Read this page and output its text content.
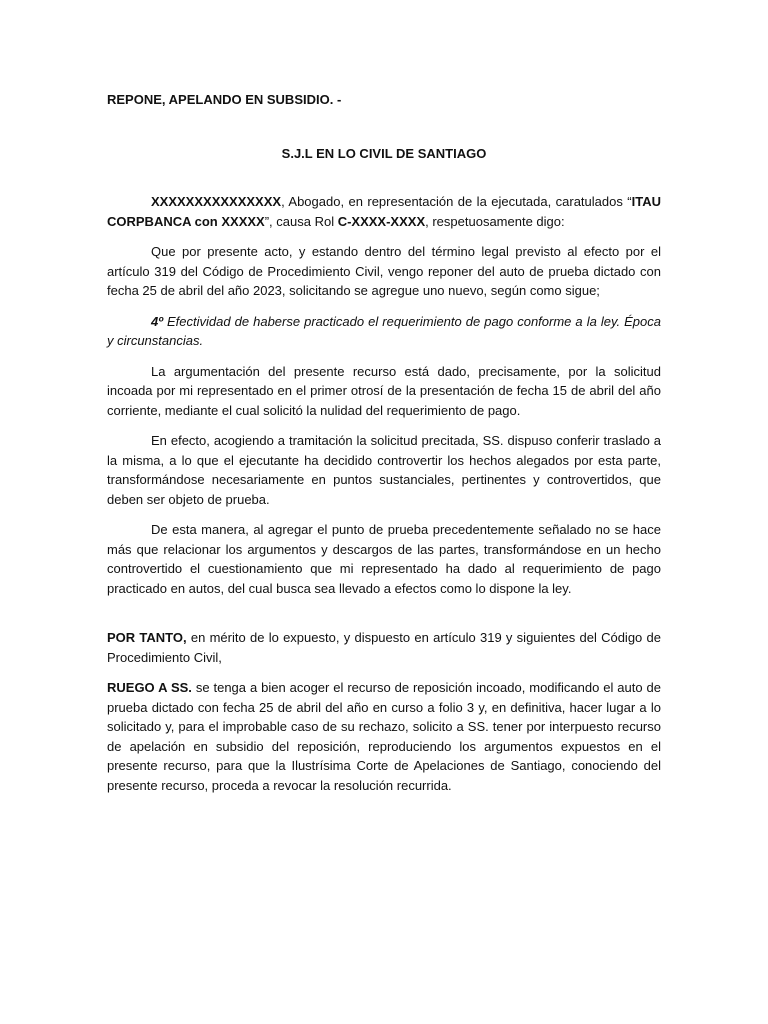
REPONE, APELANDO EN SUBSIDIO. -

S.J.L EN LO CIVIL DE SANTIAGO

XXXXXXXXXXXXXXX, Abogado, en representación de la ejecutada, caratulados “ITAU CORPBANCA con XXXXX”, causa Rol C-XXXX-XXXX, respetuosamente digo:

Que por presente acto, y estando dentro del término legal previsto al efecto por el artículo 319 del Código de Procedimiento Civil, vengo reponer del auto de prueba dictado con fecha 25 de abril del año 2023, solicitando se agregue uno nuevo, según como sigue;

4º Efectividad de haberse practicado el requerimiento de pago conforme a la ley. Época y circunstancias.

La argumentación del presente recurso está dado, precisamente, por la solicitud incoada por mi representado en el primer otrosí de la presentación de fecha 15 de abril del año corriente, mediante el cual solicitó la nulidad del requerimiento de pago.

En efecto, acogiendo a tramitación la solicitud precitada, SS. dispuso conferir traslado a la misma, a lo que el ejecutante ha decidido controvertir los hechos alegados por esta parte, transformándose necesariamente en puntos sustanciales, pertinentes y controvertidos, que deben ser objeto de prueba.

De esta manera, al agregar el punto de prueba precedentemente señalado no se hace más que relacionar los argumentos y descargos de las partes, transformándose en un hecho controvertido el cuestionamiento que mi representado ha dado al requerimiento de pago practicado en autos, del cual busca sea llevado a efectos como lo dispone la ley.

POR TANTO, en mérito de lo expuesto, y dispuesto en artículo 319 y siguientes del Código de Procedimiento Civil,

RUEGO A SS. se tenga a bien acoger el recurso de reposición incoado, modificando el auto de prueba dictado con fecha 25 de abril del año en curso a folio 3 y, en definitiva, hacer lugar a lo solicitado y, para el improbable caso de su rechazo, solicito a SS. tener por interpuesto recurso de apelación en subsidio del reposición, reproduciendo los argumentos expuestos en el presente recurso, para que la Ilustrísima Corte de Apelaciones de Santiago, conociendo del presente recurso, proceda a revocar la resolución recurrida.
